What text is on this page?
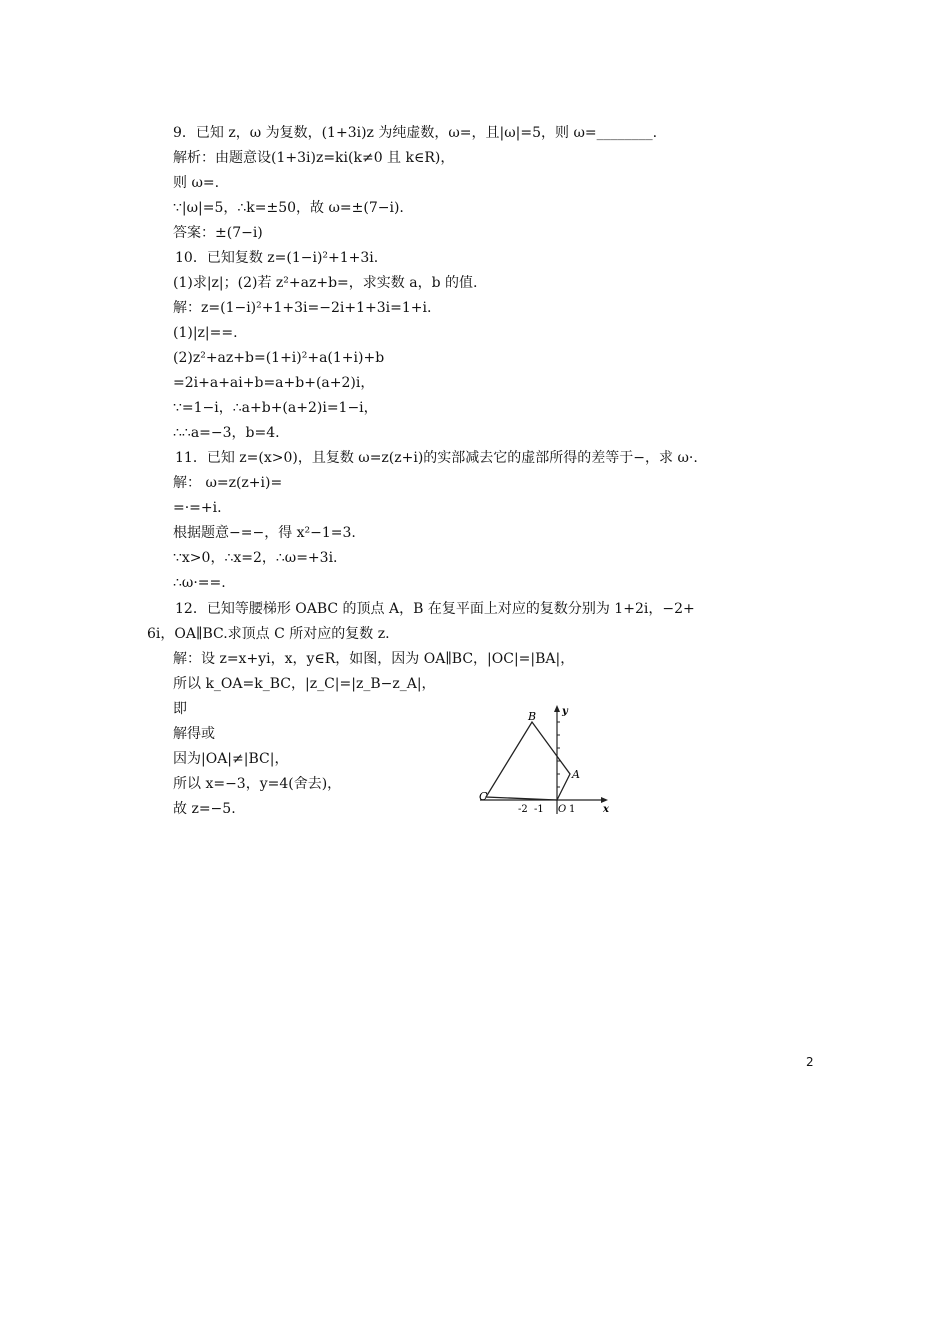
9．已知 z，ω 为复数，(1+3i)z 为纯虚数，ω=，且|ω|=5，则 ω=________.
解析：由题意设(1+3i)z=ki(k≠0 且 k∈R)，
则 ω=.
∵|ω|=5，∴k=±50，故 ω=±(7−i).
答案：±(7−i)
10．已知复数 z=(1−i)²+1+3i.
(1)求|z|；(2)若 z²+az+b=，求实数 a，b 的值.
解：z=(1−i)²+1+3i=−2i+1+3i=1+i.
(1)|z|==.
(2)z²+az+b=(1+i)²+a(1+i)+b
=2i+a+ai+b=a+b+(a+2)i，
∵=1−i，∴a+b+(a+2)i=1−i，
∴∴a=−3，b=4.
11．已知 z=(x>0)，且复数 ω=z(z+i)的实部减去它的虚部所得的差等于−，求 ω·.
解： ω=z(z+i)=
=·=+i.
根据题意−=−，得 x²−1=3.
∵x>0，∴x=2，∴ω=+3i.
∴ω·==.
12．已知等腰梯形 OABC 的顶点 A，B 在复平面上对应的复数分别为 1+2i，−2+
6i，OA∥BC.求顶点 C 所对应的复数 z.
解：设 z=x+yi，x，y∈R，如图，因为 OA∥BC，|OC|=|BA|，
所以 k_OA=k_BC，|z_C|=|z_B−z_A|，
即
解得或
因为|OA|≠|BC|，
所以 x=−3，y=4(舍去)，
故 z=−5.
B
A
C
O	x
y
-2 -1	1
2
